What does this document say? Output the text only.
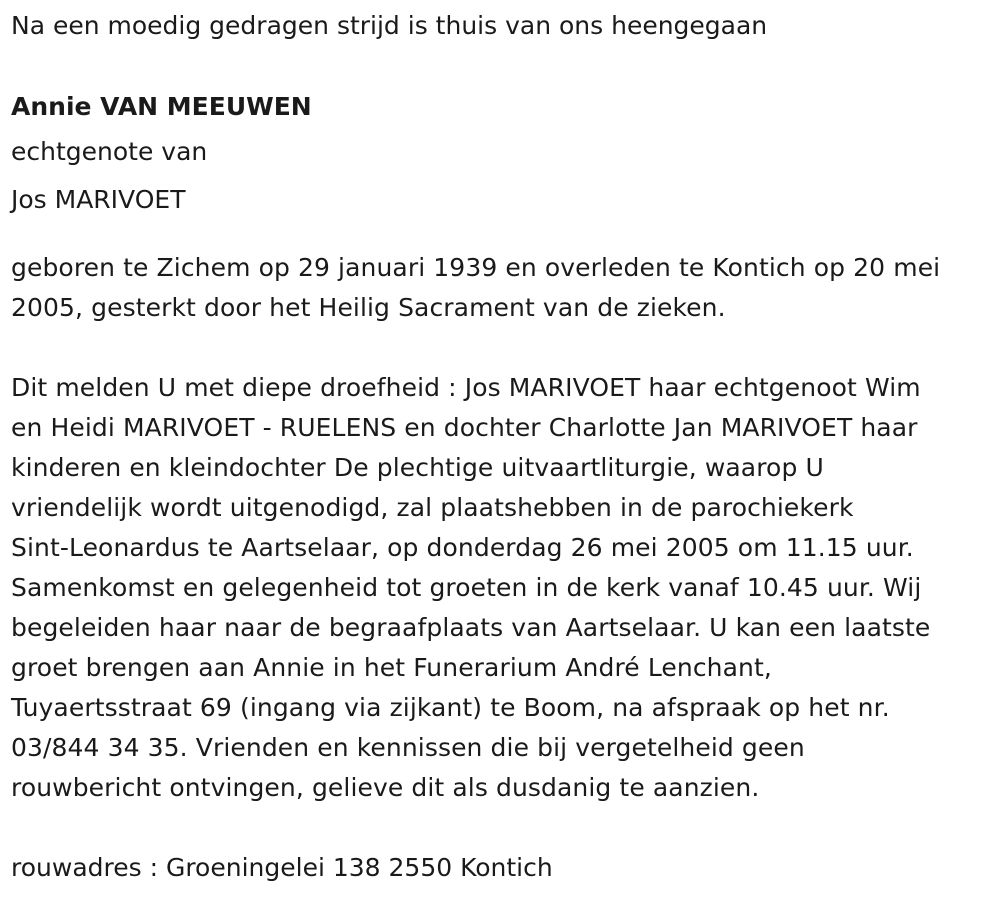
Na een moedig gedragen strijd is thuis van ons heengegaan

Annie VAN MEEUWEN

echtgenote van

Jos MARIVOET

geboren te Zichem op 29 januari 1939 en overleden te Kontich op 20 mei
2005, gesterkt door het Heilig Sacrament van de zieken.
Dit melden U met diepe droefheid : Jos MARIVOET haar echtgenoot Wim
en Heidi MARIVOET - RUELENS en dochter Charlotte Jan MARIVOET haar
kinderen en kleindochter De plechtige uitvaartliturgie, waarop U
vriendelijk wordt uitgenodigd, zal plaatshebben in de parochiekerk
Sint-Leonardus te Aartselaar, op donderdag 26 mei 2005 om 11.15 uur.
Samenkomst en gelegenheid tot groeten in de kerk vanaf 10.45 uur. Wij
begeleiden haar naar de begraafplaats van Aartselaar. U kan een laatste
groet brengen aan Annie in het Funerarium André Lenchant,
Tuyaertsstraat 69 (ingang via zijkant) te Boom, na afspraak op het nr.
03/844 34 35. Vrienden en kennissen die bij vergetelheid geen
rouwbericht ontvingen, gelieve dit als dusdanig te aanzien.

rouwadres : Groeningelei 138 2550 Kontich
